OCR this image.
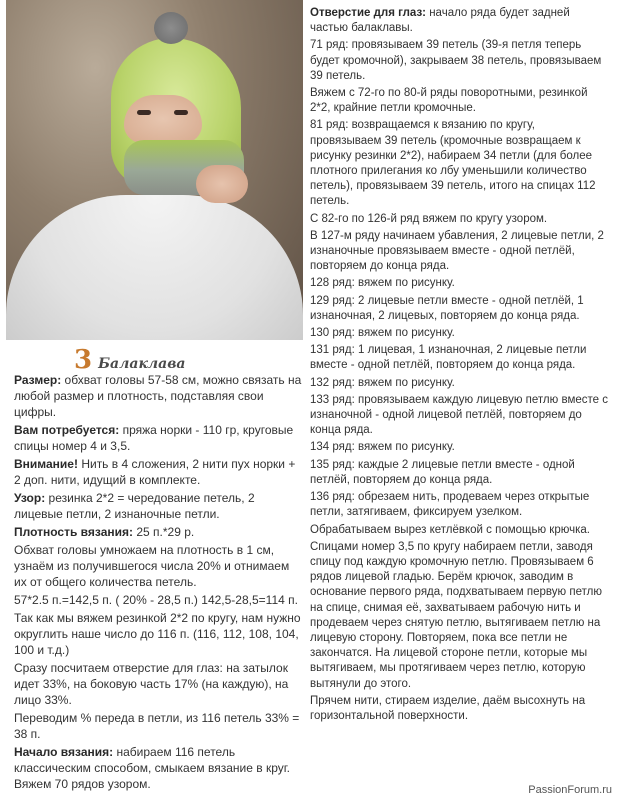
3 Балаклава

Размер: обхват головы 57-58 см, можно связать на любой размер и плотность, подставляя свои цифры.

Вам потребуется: пряжа норки - 110 гр, круговые спицы номер 4 и 3,5.

Внимание! Нить в 4 сложения, 2 нити пух норки + 2 доп. нити, идущий в комплекте.

Узор: резинка 2*2 = чередование петель, 2 лицевые петли, 2 изнаночные петли.

Плотность вязания: 25 п.*29 р.

Обхват головы умножаем на плотность в 1 см, узнаём из получившегося числа 20% и отнимаем их от общего количества петель.

57*2.5 п.=142,5 п. ( 20% - 28,5 п.) 142,5-28,5=114 п.

Так как мы вяжем резинкой 2*2 по кругу, нам нужно округлить наше число до 116 п. (116, 112, 108, 104, 100 и т.д.)

Сразу посчитаем отверстие для глаз: на затылок идет 33%, на боковую часть 17% (на каждую), на лицо 33%.

Переводим % переда в петли, из 116 петель 33% = 38 п.

Начало вязания: набираем 116 петель классическим способом, смыкаем вязание в круг. Вяжем 70 рядов узором.

Отверстие для глаз: начало ряда будет задней частью балаклавы.

71 ряд: провязываем 39 петель (39-я петля теперь будет кромочной), закрываем 38 петель, провязываем 39 петель.

Вяжем с 72-го по 80-й ряды поворотными, резинкой 2*2, крайние петли кромочные.

81 ряд: возвращаемся к вязанию по кругу, провязываем 39 петель (кромочные возвращаем к рисунку резинки 2*2), набираем 34 петли (для более плотного прилегания ко лбу уменьшили количество петель), провязываем 39 петель, итого на спицах 112 петель.

С 82-го по 126-й ряд вяжем по кругу узором.

В 127-м ряду начинаем убавления, 2 лицевые петли, 2 изнаночные провязываем вместе - одной петлёй, повторяем до конца ряда.

128 ряд: вяжем по рисунку.

129 ряд: 2 лицевые петли вместе - одной петлёй, 1 изнаночная, 2 лицевых, повторяем до конца ряда.

130 ряд: вяжем по рисунку.

131 ряд: 1 лицевая, 1 изнаночная, 2 лицевые петли вместе - одной петлёй, повторяем до конца ряда.

132 ряд: вяжем по рисунку.

133 ряд: провязываем каждую лицевую петлю вместе с изнаночной - одной лицевой петлёй, повторяем до конца ряда.

134 ряд: вяжем по рисунку.

135 ряд: каждые 2 лицевые петли вместе - одной петлёй, повторяем до конца ряда.

136 ряд: обрезаем нить, продеваем через открытые петли, затягиваем, фиксируем узелком.

Обрабатываем вырез кетлёвкой с помощью крючка.

Спицами номер 3,5 по кругу набираем петли, заводя спицу под каждую кромочную петлю. Провязываем 6 рядов лицевой гладью. Берём крючок, заводим в основание первого ряда, подхватываем первую петлю на спице, снимая её, захватываем рабочую нить и продеваем через снятую петлю, вытягиваем петлю на лицевую сторону. Повторяем, пока все петли не закончатся. На лицевой стороне петли, которые мы вытягиваем, мы протягиваем через петлю, которую вытянули до этого.

Прячем нити, стираем изделие, даём высохнуть на горизонтальной поверхности.

PassionForum.ru
